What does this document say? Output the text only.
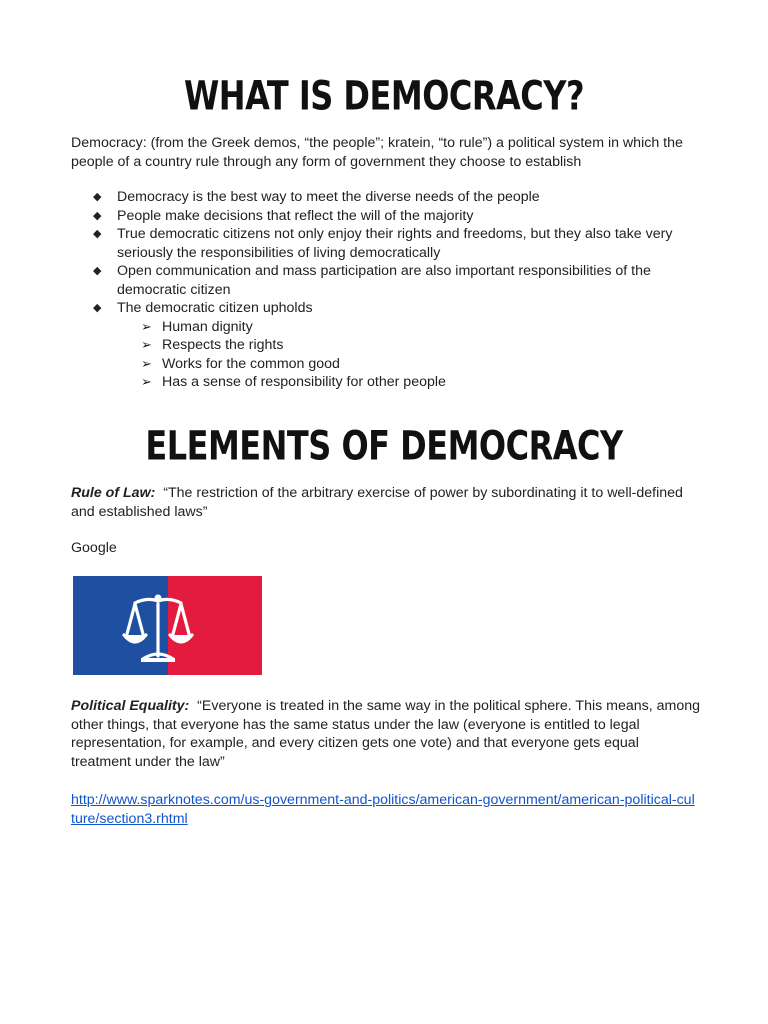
WHAT IS DEMOCRACY?

Democracy: (from the Greek demos, “the people”; kratein, “to rule”) a political system in which the people of a country rule through any form of government they choose to establish

◆ Democracy is the best way to meet the diverse needs of the people
◆ People make decisions that reflect the will of the majority
◆ True democratic citizens not only enjoy their rights and freedoms, but they also take very seriously the responsibilities of living democratically
◆ Open communication and mass participation are also important responsibilities of the democratic citizen
◆ The democratic citizen upholds
➢ Human dignity
➢ Respects the rights
➢ Works for the common good
➢ Has a sense of responsibility for other people
ELEMENTS OF DEMOCRACY

Rule of Law: “The restriction of the arbitrary exercise of power by subordinating it to well-defined and established laws”

Google

Political Equality: “Everyone is treated in the same way in the political sphere. This means, among other things, that everyone has the same status under the law (everyone is entitled to legal representation, for example, and every citizen gets one vote) and that everyone gets equal treatment under the law”

http://www.sparknotes.com/us-government-and-politics/american-government/american-political-culture/section3.rhtml
